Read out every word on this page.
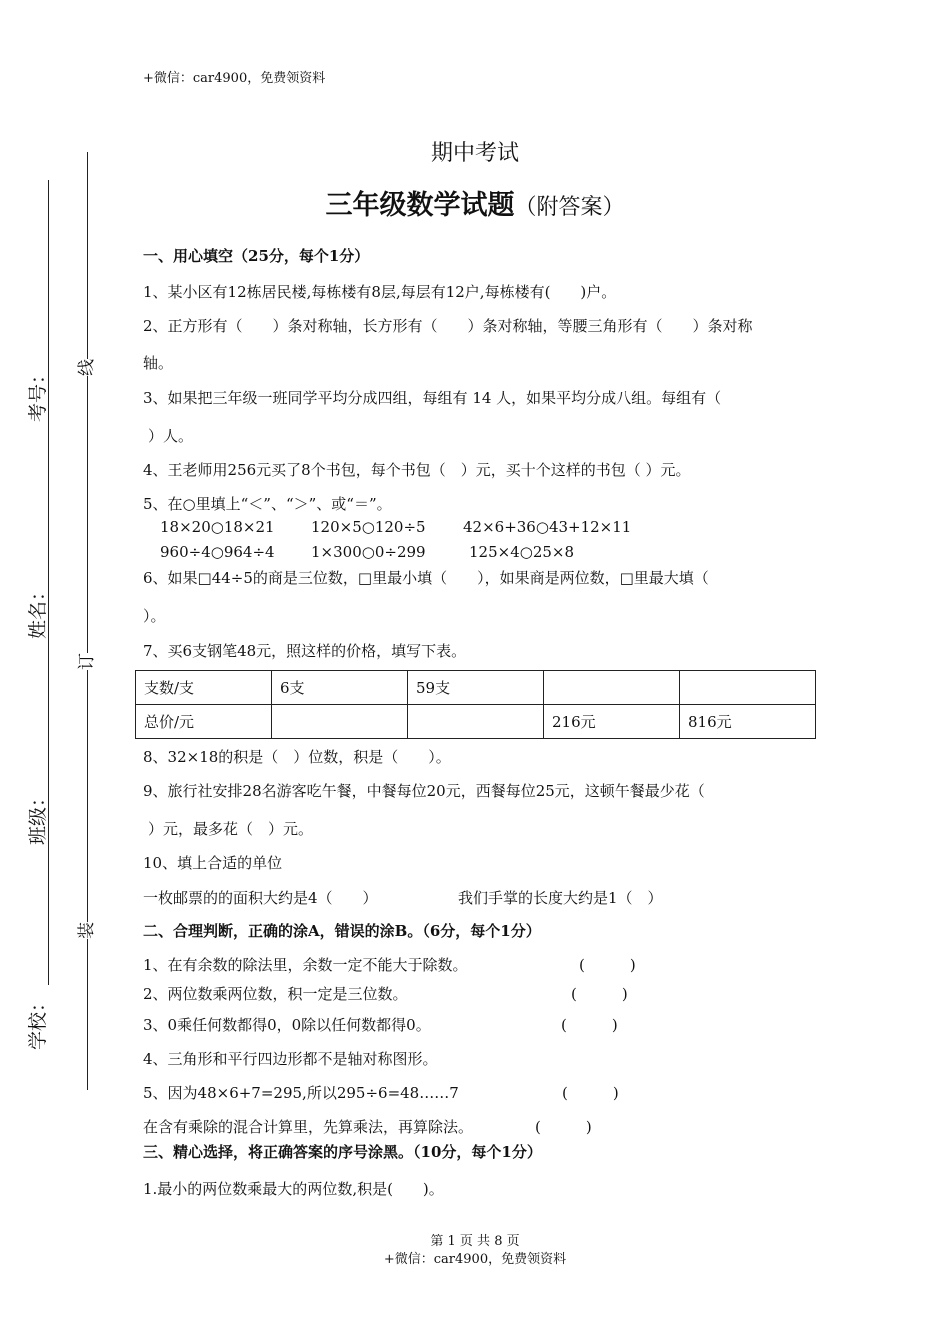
+微信：car4900，免费领资料
考号：
姓名：
班级：
学校：
线
订
装
期中考试
三年级数学试题（附答案）
一、用心填空（25分，每个1分）
1、某小区有12栋居民楼,每栋楼有8层,每层有12户,每栋楼有(　　)户。
2、正方形有（　　）条对称轴，长方形有（　　）条对称轴，等腰三角形有（　　）条对称
轴。
3、如果把三年级一班同学平均分成四组，每组有 14 人，如果平均分成八组。每组有（
）人。
4、王老师用256元买了8个书包，每个书包（　）元，买十个这样的书包（ ）元。
5、在○里填上“＜”、“＞”、或“＝”。
18×20○18×21 120×5○120÷5 42×6+36○43+12×11
960÷4○964÷4 1×300○0÷299	125×4○25×8
6、如果□44÷5的商是三位数，□里最小填（　　），如果商是两位数，□里最大填（
）。
7、买6支钢笔48元，照这样的价格，填写下表。
支数/支	6支	59支		
总价/元			216元	816元
8、32×18的积是（　）位数，积是（　　）。
9、旅行社安排28名游客吃午餐，中餐每位20元，西餐每位25元，这顿午餐最少花（
）元，最多花（　）元。
10、填上合适的单位
一枚邮票的的面积大约是4（　　）	我们手掌的长度大约是1（　）
二、合理判断，正确的涂A，错误的涂B。（6分，每个1分）
1、在有余数的除法里，余数一定不能大于除数。	(　　　)
2、两位数乘两位数，积一定是三位数。	(　　　)
3、0乘任何数都得0，0除以任何数都得0。	(　　　)
4、三角形和平行四边形都不是轴对称图形。
5、因为48×6+7=295,所以295÷6=48……7	(　　　)
在含有乘除的混合计算里，先算乘法，再算除法。	(　　　)
三、精心选择，将正确答案的序号涂黑。（10分，每个1分）
1.最小的两位数乘最大的两位数,积是(　　)。
第 1 页 共 8 页
+微信：car4900，免费领资料
